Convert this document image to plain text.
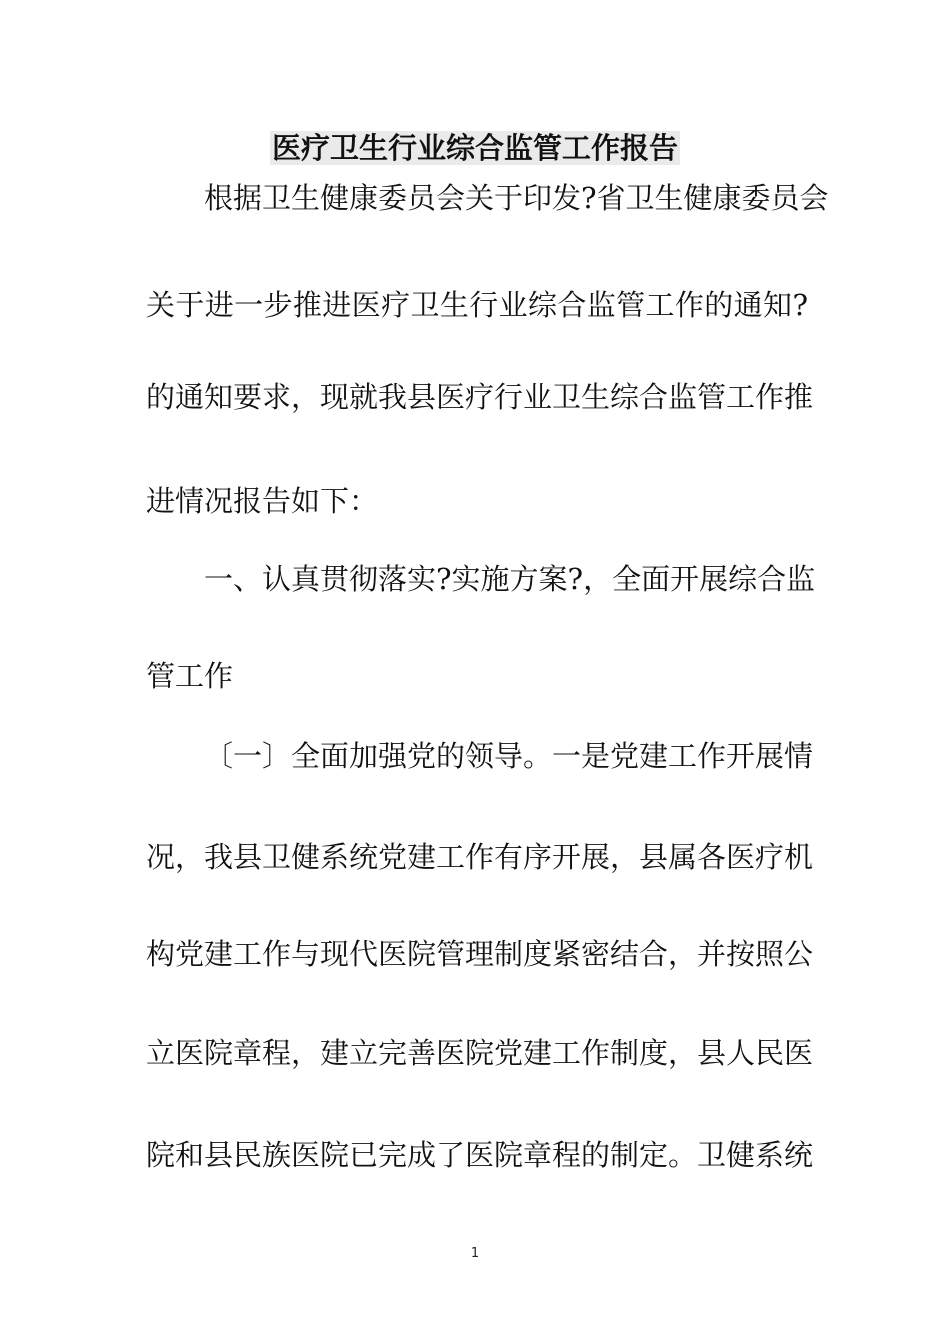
医疗卫生行业综合监管工作报告
根据卫生健康委员会关于印发?省卫生健康委员会
关于进一步推进医疗卫生行业综合监管工作的通知?
的通知要求，现就我县医疗行业卫生综合监管工作推
进情况报告如下：
一、认真贯彻落实?实施方案?，全面开展综合监
管工作
〔一〕全面加强党的领导。一是党建工作开展情
况，我县卫健系统党建工作有序开展，县属各医疗机
构党建工作与现代医院管理制度紧密结合，并按照公
立医院章程，建立完善医院党建工作制度，县人民医
院和县民族医院已完成了医院章程的制定。卫健系统
1
